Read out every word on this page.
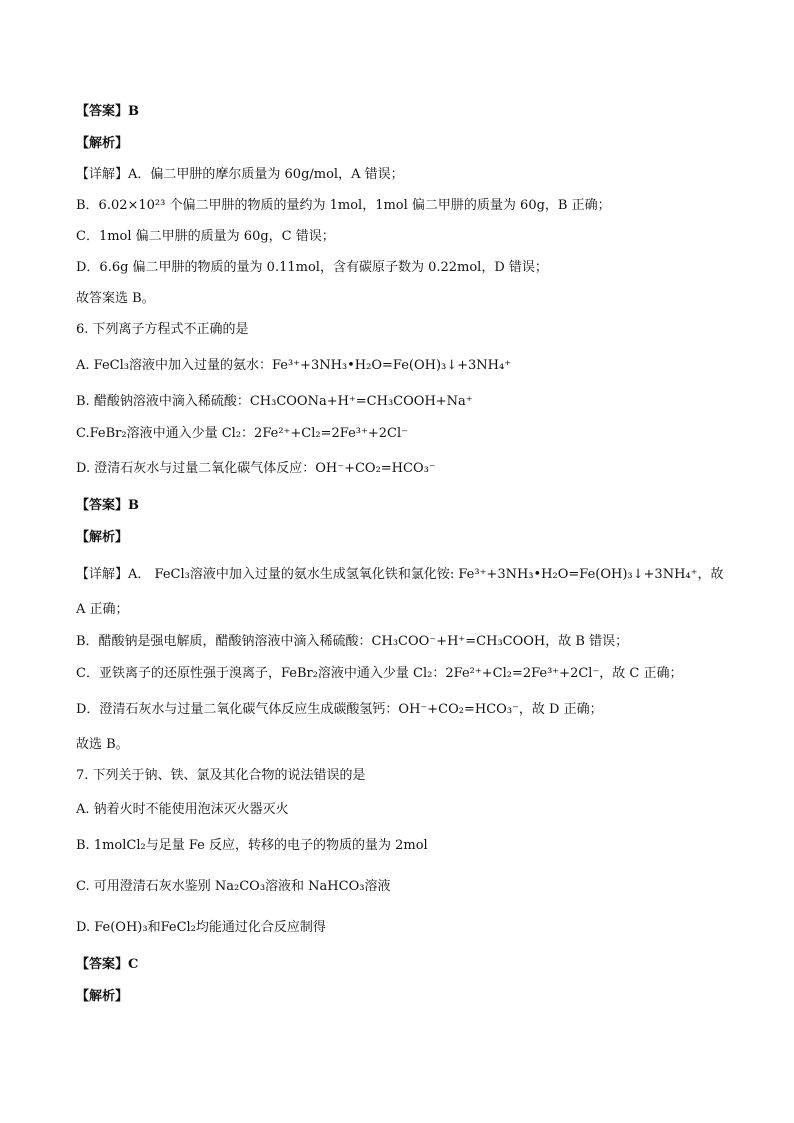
【答案】B
【解析】
【详解】A．偏二甲肼的摩尔质量为 60g/mol，A 错误；
B．6.02×10²³ 个偏二甲肼的物质的量约为 1mol，1mol 偏二甲肼的质量为 60g，B 正确；
C．1mol 偏二甲肼的质量为 60g，C 错误；
D．6.6g 偏二甲肼的物质的量为 0.11mol，含有碳原子数为 0.22mol，D 错误；
故答案选 B。
6. 下列离子方程式不正确的是
A. FeCl₃溶液中加入过量的氨水：Fe³⁺+3NH₃•H₂O=Fe(OH)₃↓+3NH₄⁺
B. 醋酸钠溶液中滴入稀硫酸：CH₃COONa+H⁺=CH₃COOH+Na⁺
C.FeBr₂溶液中通入少量 Cl₂：2Fe²⁺+Cl₂=2Fe³⁺+2Cl⁻
D. 澄清石灰水与过量二氧化碳气体反应：OH⁻+CO₂=HCO₃⁻
【答案】B
【解析】
【详解】A． FeCl₃溶液中加入过量的氨水生成氢氧化铁和氯化铵: Fe³⁺+3NH₃•H₂O=Fe(OH)₃↓+3NH₄⁺，故
A 正确；
B．醋酸钠是强电解质，醋酸钠溶液中滴入稀硫酸：CH₃COO⁻+H⁺=CH₃COOH，故 B 错误；
C．亚铁离子的还原性强于溴离子，FeBr₂溶液中通入少量 Cl₂：2Fe²⁺+Cl₂=2Fe³⁺+2Cl⁻，故 C 正确；
D．澄清石灰水与过量二氧化碳气体反应生成碳酸氢钙：OH⁻+CO₂=HCO₃⁻，故 D 正确；
故选 B。
7. 下列关于钠、铁、氯及其化合物的说法错误的是
A. 钠着火时不能使用泡沫灭火器灭火
B. 1molCl₂与足量 Fe 反应，转移的电子的物质的量为 2mol
C. 可用澄清石灰水鉴别 Na₂CO₃溶液和 NaHCO₃溶液
D. Fe(OH)₃和FeCl₂均能通过化合反应制得
【答案】C
【解析】
